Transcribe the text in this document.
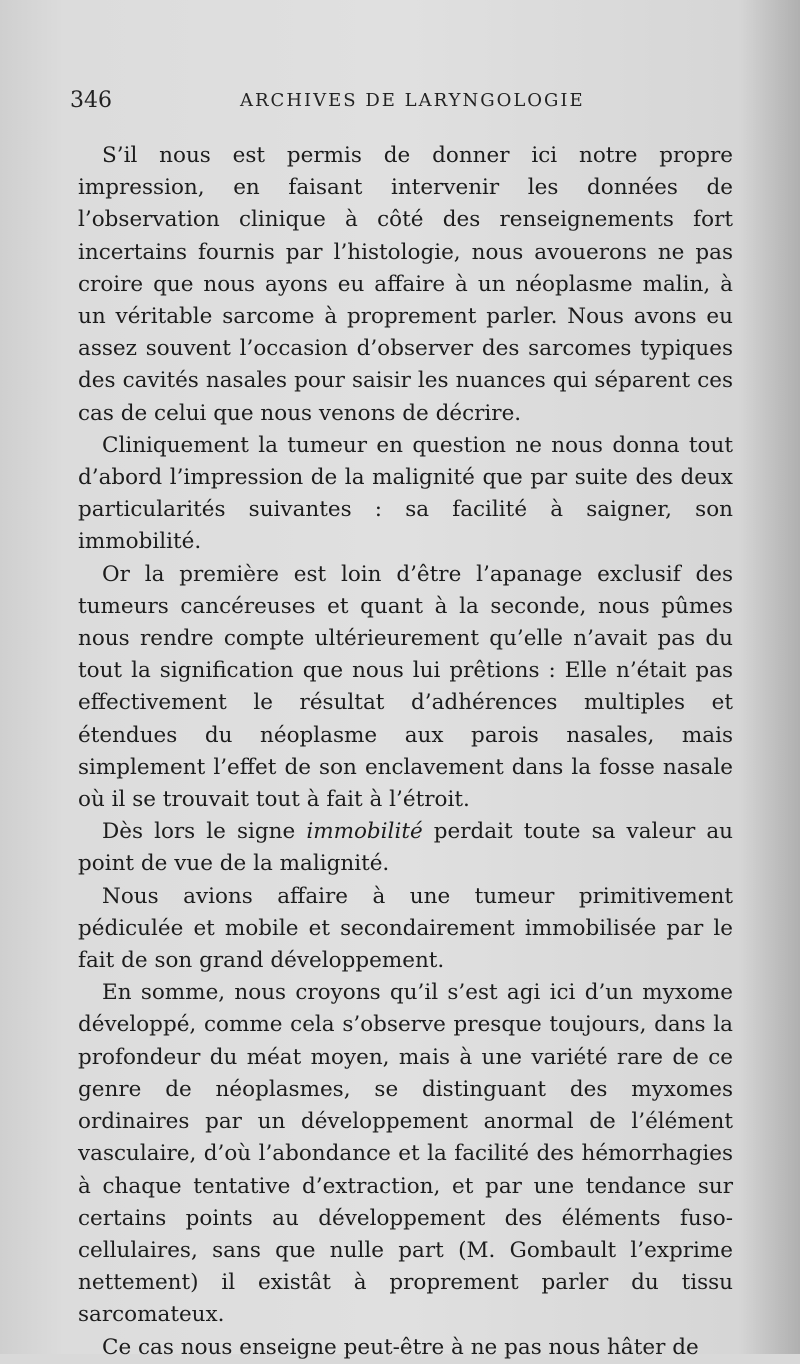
346	ARCHIVES DE LARYNGOLOGIE

S’il nous est permis de donner ici notre propre impression, en faisant intervenir les données de l’observation clinique à côté des renseignements fort incertains fournis par l’histologie, nous avouerons ne pas croire que nous ayons eu affaire à un néoplasme malin, à un véritable sarcome à proprement parler. Nous avons eu assez souvent l’occasion d’observer des sarcomes typiques des cavités nasales pour saisir les nuances qui séparent ces cas de celui que nous venons de décrire.

Cliniquement la tumeur en question ne nous donna tout d’abord l’impression de la malignité que par suite des deux particularités suivantes : sa facilité à saigner, son immobilité.

Or la première est loin d’être l’apanage exclusif des tumeurs cancéreuses et quant à la seconde, nous pûmes nous rendre compte ultérieurement qu’elle n’avait pas du tout la signification que nous lui prêtions : Elle n’était pas effectivement le résultat d’adhérences multiples et étendues du néoplasme aux parois nasales, mais simplement l’effet de son enclavement dans la fosse nasale où il se trouvait tout à fait à l’étroit.

Dès lors le signe immobilité perdait toute sa valeur au point de vue de la malignité.

Nous avions affaire à une tumeur primitivement pédiculée et mobile et secondairement immobilisée par le fait de son grand développement.

En somme, nous croyons qu’il s’est agi ici d’un myxome développé, comme cela s’observe presque toujours, dans la profondeur du méat moyen, mais à une variété rare de ce genre de néoplasmes, se distinguant des myxomes ordinaires par un développement anormal de l’élément vasculaire, d’où l’abondance et la facilité des hémorrhagies à chaque tentative d’extraction, et par une tendance sur certains points au développement des éléments fuso-cellulaires, sans que nulle part (M. Gombault l’exprime nettement) il existât à proprement parler du tissu sarcomateux.

Ce cas nous enseigne peut-être à ne pas nous hâter de
